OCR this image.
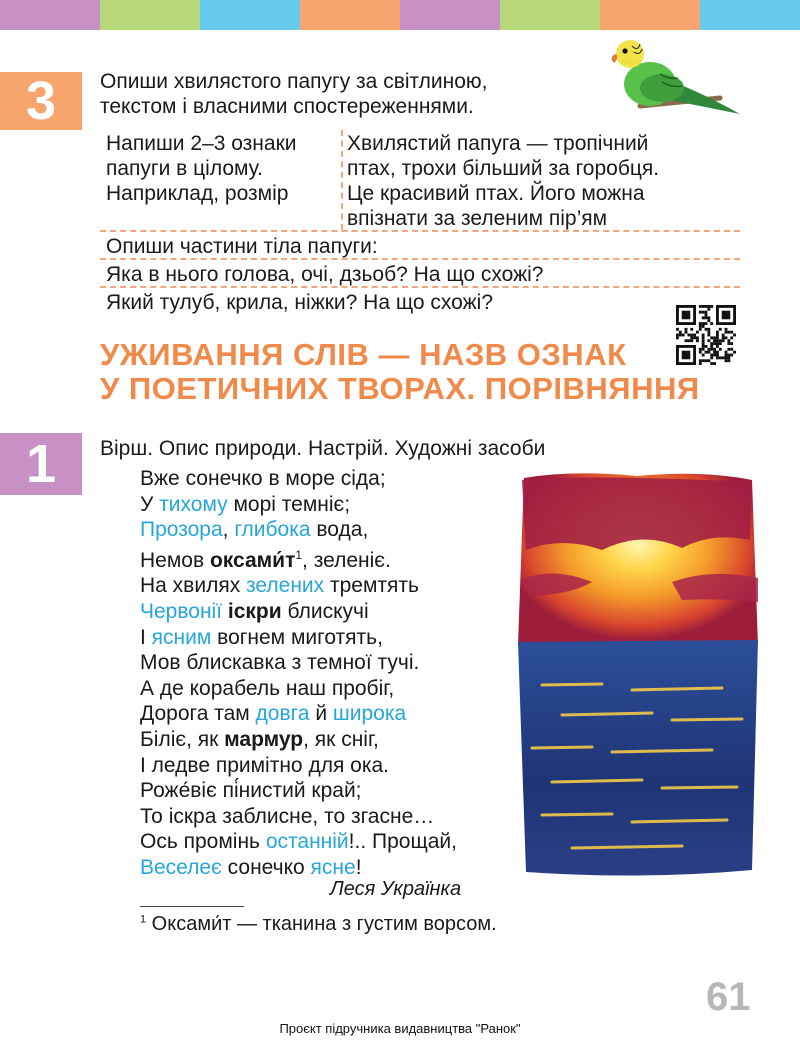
3	Опиши хвилястого папугу за світлиною,
текстом і власними спостереженнями.
Напиши 2–3 ознаки
папуги в цілому.
Наприклад, розмір
Хвилястий папуга — тропічний
птах, трохи більший за горобця.
Це красивий птах. Його можна
впізнати за зеленим пір’ям
Опиши частини тіла папуги:
Яка в нього голова, очі, дзьоб? На що схожі?
Який тулуб, крила, ніжки? На що схожі?
УЖИВАННЯ СЛІВ — НАЗВ ОЗНАК
У ПОЕТИЧНИХ ТВОРАХ. ПОРІВНЯННЯ
1	Вірш. Опис природи. Настрій. Художні засоби
Вже сонечко в море сіда;
У тихому морі темніє;
Прозора, глибока вода,
Немов $оксами́т^1$, зеленіє.
На хвилях зелених тремтять
Червонії іскри блискучі
І ясним вогнем миготять,
Мов блискавка з темної тучі.
А де корабель наш пробіг,
Дорога там довга й широка
Біліє, як мармур, як сніг,
І ледве примітно для ока.
Роже́віє пі́нистий край;
То іскра заблисне, то згасне…
Ось промінь останній!.. Прощай,
Веселеє сонечко ясне!
Леся Українка
$^1$ Оксами́т — тканина з густим ворсом.
61
Проєкт підручника видавництва "Ранок"
